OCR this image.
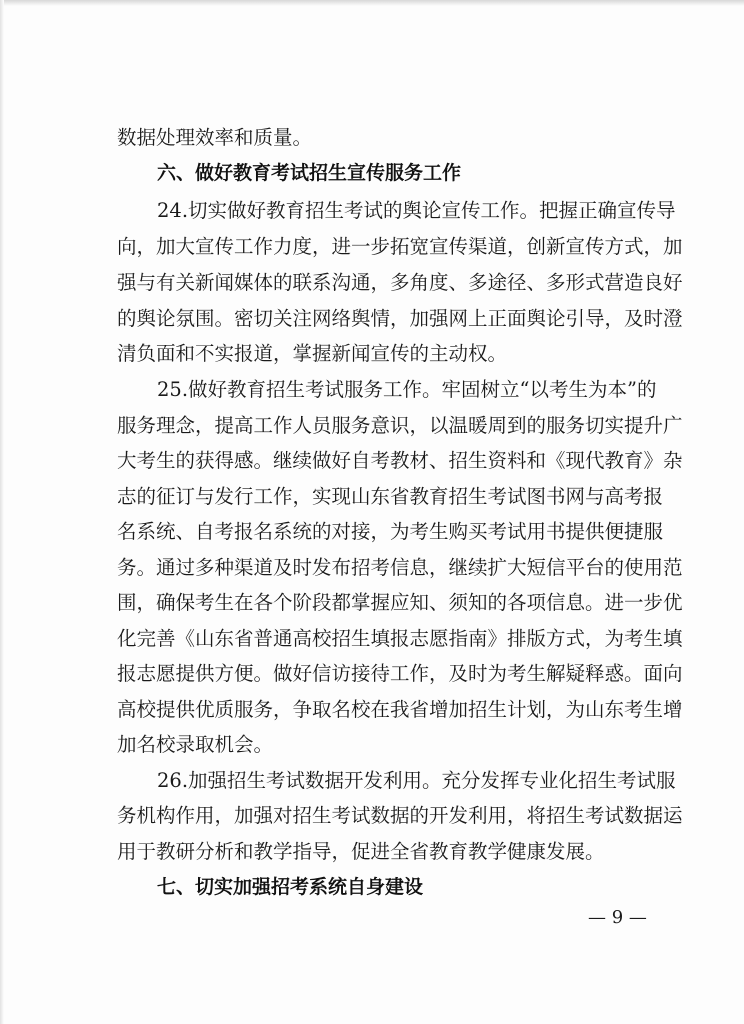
数据处理效率和质量。
六、做好教育考试招生宣传服务工作
24.切实做好教育招生考试的舆论宣传工作。把握正确宣传导
向，加大宣传工作力度，进一步拓宽宣传渠道，创新宣传方式，加
强与有关新闻媒体的联系沟通，多角度、多途径、多形式营造良好
的舆论氛围。密切关注网络舆情，加强网上正面舆论引导，及时澄
清负面和不实报道，掌握新闻宣传的主动权。
25.做好教育招生考试服务工作。牢固树立“以考生为本”的
服务理念，提高工作人员服务意识，以温暖周到的服务切实提升广
大考生的获得感。继续做好自考教材、招生资料和《现代教育》杂
志的征订与发行工作，实现山东省教育招生考试图书网与高考报
名系统、自考报名系统的对接，为考生购买考试用书提供便捷服
务。通过多种渠道及时发布招考信息，继续扩大短信平台的使用范
围，确保考生在各个阶段都掌握应知、须知的各项信息。进一步优
化完善《山东省普通高校招生填报志愿指南》排版方式，为考生填
报志愿提供方便。做好信访接待工作，及时为考生解疑释惑。面向
高校提供优质服务，争取名校在我省增加招生计划，为山东考生增
加名校录取机会。
26.加强招生考试数据开发利用。充分发挥专业化招生考试服
务机构作用，加强对招生考试数据的开发利用，将招生考试数据运
用于教研分析和教学指导，促进全省教育教学健康发展。
七、切实加强招考系统自身建设
— 9 —
